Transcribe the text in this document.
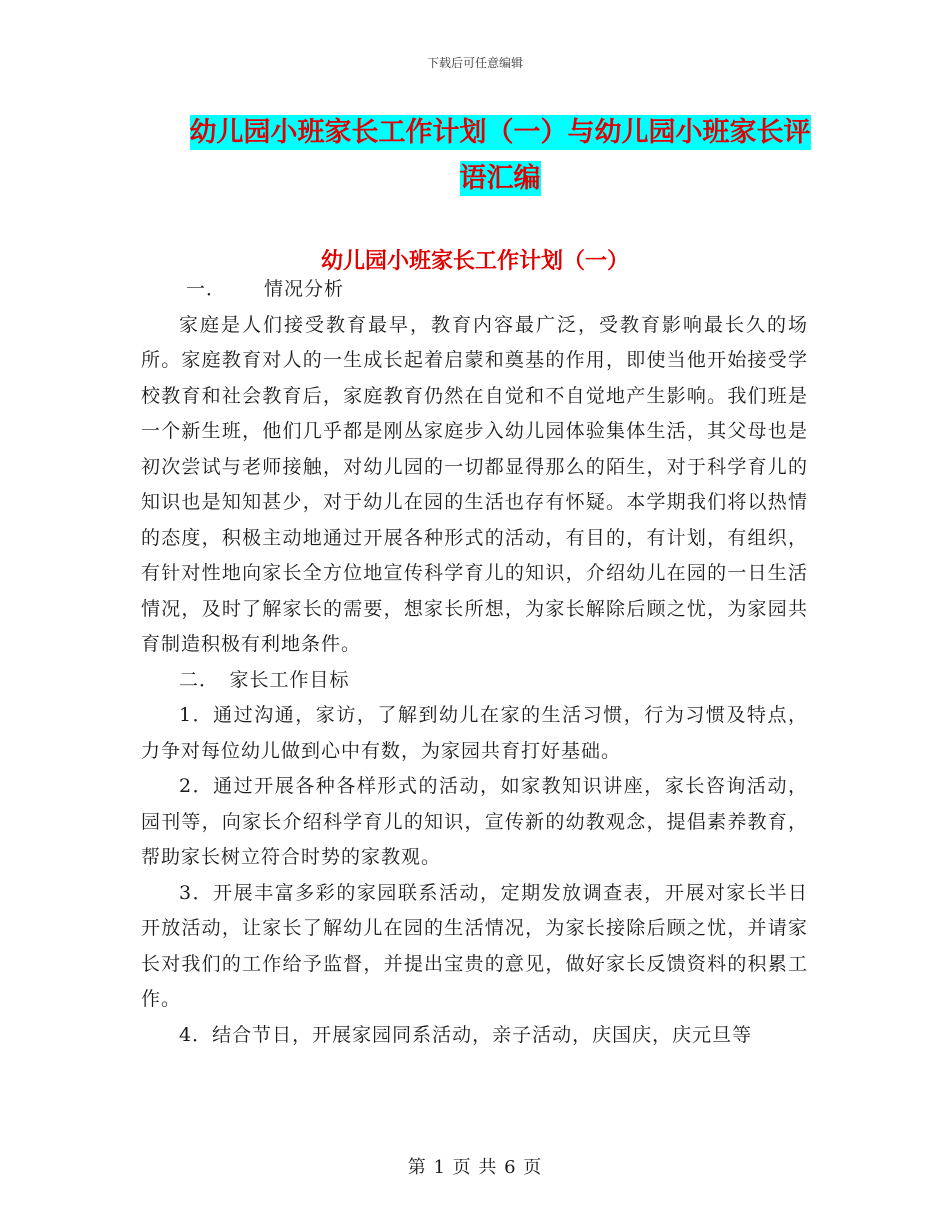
下载后可任意编辑
幼儿园小班家长工作计划（一）与幼儿园小班家长评
语汇编
幼儿园小班家长工作计划（一）

一． 情况分析

家庭是人们接受教育最早，教育内容最广泛，受教育影响最长久的场所。家庭教育对人的一生成长起着启蒙和奠基的作用，即使当他开始接受学校教育和社会教育后，家庭教育仍然在自觉和不自觉地产生影响。我们班是一个新生班，他们几乎都是刚丛家庭步入幼儿园体验集体生活，其父母也是初次尝试与老师接触，对幼儿园的一切都显得那么的陌生，对于科学育儿的知识也是知知甚少，对于幼儿在园的生活也存有怀疑。本学期我们将以热情的态度，积极主动地通过开展各种形式的活动，有目的，有计划，有组织，有针对性地向家长全方位地宣传科学育儿的知识，介绍幼儿在园的一日生活情况，及时了解家长的需要，想家长所想，为家长解除后顾之忧，为家园共育制造积极有利地条件。

二．　家长工作目标

1．通过沟通，家访，了解到幼儿在家的生活习惯，行为习惯及特点，力争对每位幼儿做到心中有数，为家园共育打好基础。

2．通过开展各种各样形式的活动，如家教知识讲座，家长咨询活动，园刊等，向家长介绍科学育儿的知识，宣传新的幼教观念，提倡素养教育，帮助家长树立符合时势的家教观。

3．开展丰富多彩的家园联系活动，定期发放调查表，开展对家长半日开放活动，让家长了解幼儿在园的生活情况，为家长接除后顾之忧，并请家长对我们的工作给予监督，并提出宝贵的意见，做好家长反馈资料的积累工作。

4．结合节日，开展家园同系活动，亲子活动，庆国庆，庆元旦等

第 1 页 共 6 页
